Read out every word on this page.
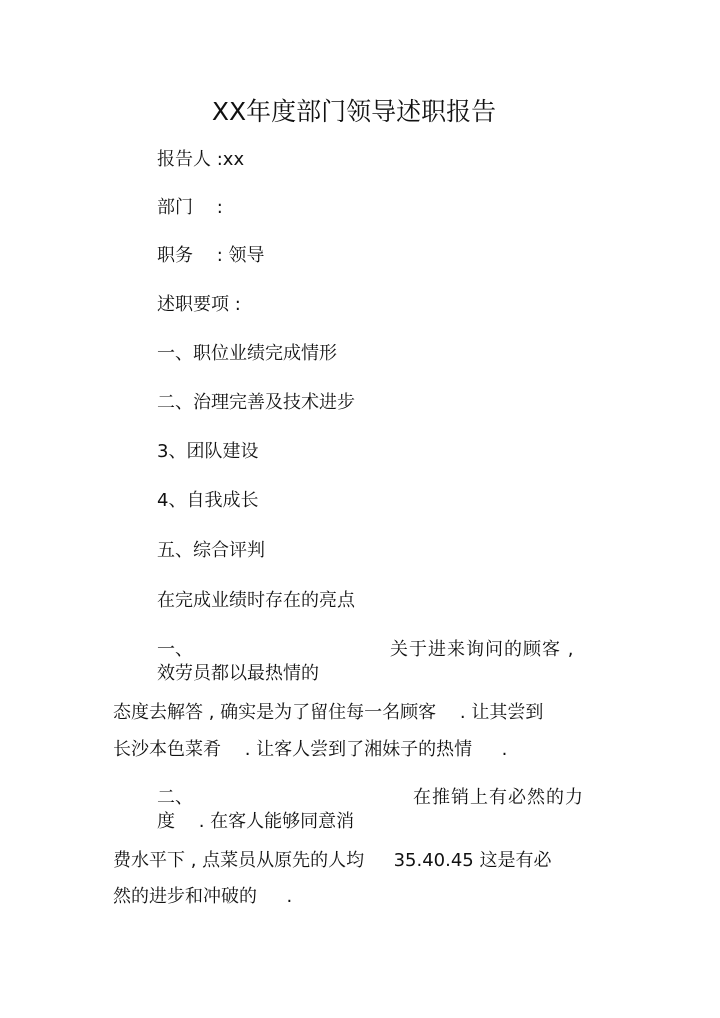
XX年度部门领导述职报告
报告人 :xx
部门 　:
职务 　: 领导
述职要项 :
一、职位业绩完成情形
二、治理完善及技术进步
3、团队建设
4、自我成长
五、综合评判
在完成业绩时存在的亮点
一、	关于进来询问的顾客 ,
效劳员都以最热情的
态度去解答 , 确实是为了留住每一名顾客 　. 让其尝到
长沙本色菜肴 　. 让客人尝到了湘妹子的热情 　 .
二、	在推销上有必然的力
度 　. 在客人能够同意消
费水平下 , 点菜员从原先的人均 　 35.40.45 这是有必
然的进步和冲破的 　 .
